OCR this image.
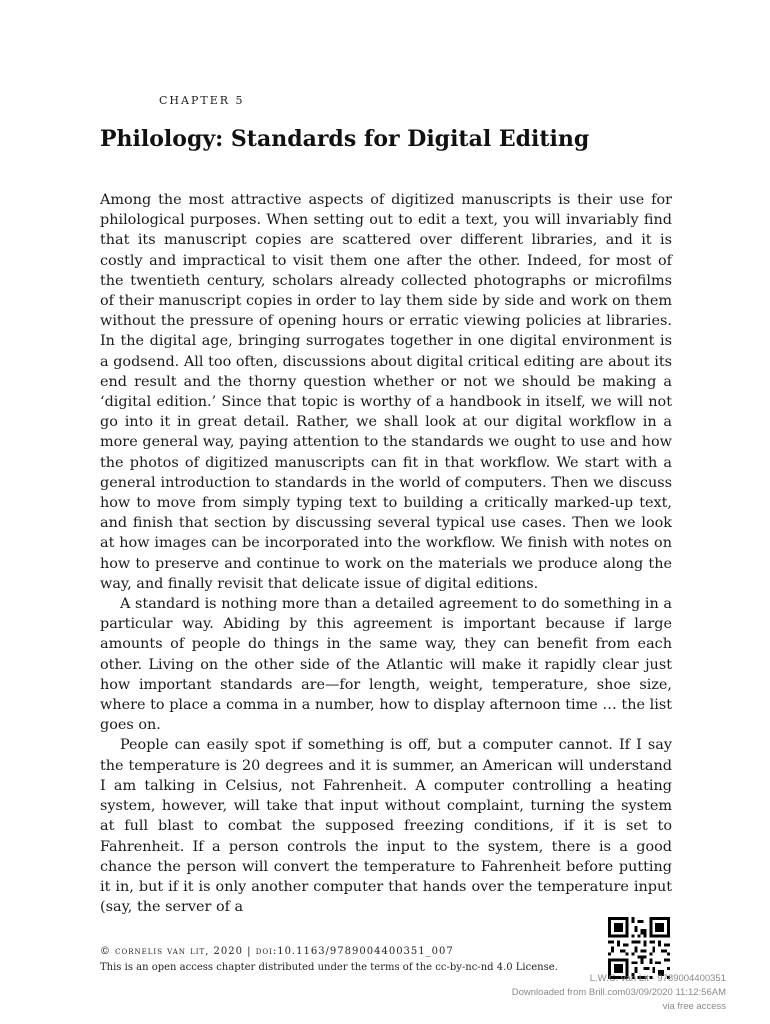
CHAPTER 5
Philology: Standards for Digital Editing

Among the most attractive aspects of digitized manuscripts is their use for philological purposes. When setting out to edit a text, you will invariably find that its manuscript copies are scattered over different libraries, and it is costly and impractical to visit them one after the other. Indeed, for most of the twentieth century, scholars already collected photographs or microfilms of their manuscript copies in order to lay them side by side and work on them without the pressure of opening hours or erratic viewing policies at libraries. In the digital age, bringing surrogates together in one digital environment is a godsend. All too often, discussions about digital critical editing are about its end result and the thorny question whether or not we should be making a ‘digital edition.’ Since that topic is worthy of a handbook in itself, we will not go into it in great detail. Rather, we shall look at our digital workflow in a more general way, paying attention to the standards we ought to use and how the photos of digitized manuscripts can fit in that workflow. We start with a general introduction to standards in the world of computers. Then we discuss how to move from simply typing text to building a critically marked-up text, and finish that section by discussing several typical use cases. Then we look at how images can be incorporated into the workflow. We finish with notes on how to preserve and continue to work on the materials we produce along the way, and finally revisit that delicate issue of digital editions.

A standard is nothing more than a detailed agreement to do something in a particular way. Abiding by this agreement is important because if large amounts of people do things in the same way, they can benefit from each other. Living on the other side of the Atlantic will make it rapidly clear just how important standards are—for length, weight, temperature, shoe size, where to place a comma in a number, how to display afternoon time … the list goes on.

People can easily spot if something is off, but a computer cannot. If I say the temperature is 20 degrees and it is summer, an American will understand I am talking in Celsius, not Fahrenheit. A computer controlling a heating system, however, will take that input without complaint, turning the system at full blast to combat the supposed freezing conditions, if it is set to Fahrenheit. If a person controls the input to the system, there is a good chance the person will convert the temperature to Fahrenheit before putting it in, but if it is only another computer that hands over the temperature input (say, the server of a

© cornelis van lit, 2020 | doi:10.1163/9789004400351_007
This is an open access chapter distributed under the terms of the cc-by-nc-nd 4.0 License.
L.W.C. van Lit - 9789004400351
Downloaded from Brill.com03/09/2020 11:12:56AM
via free access
